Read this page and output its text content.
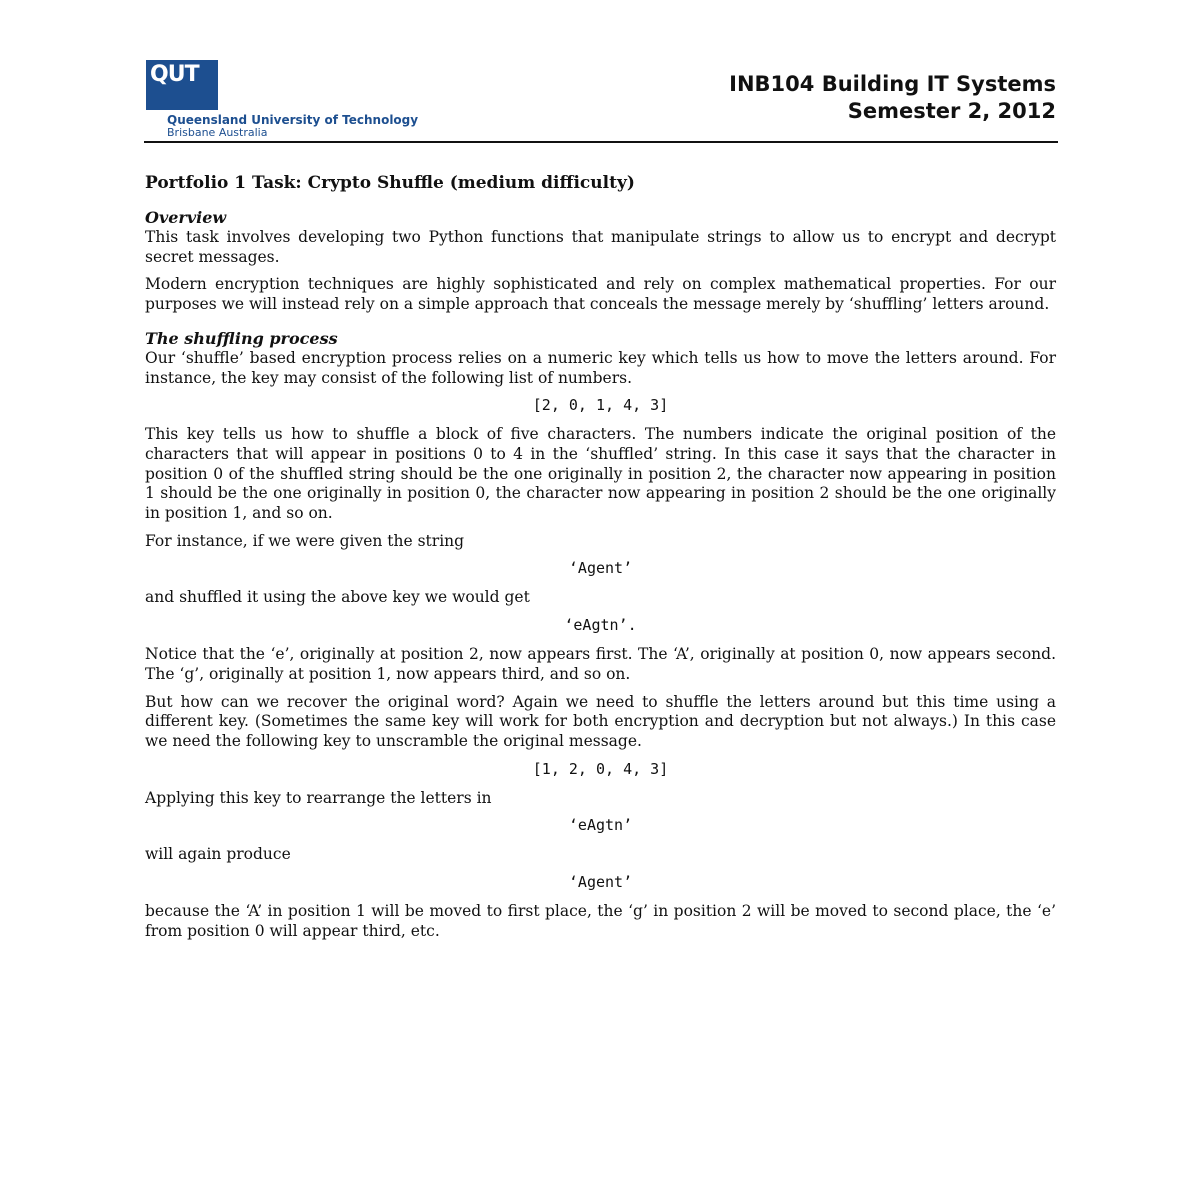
QUT
Queensland University of Technology
Brisbane Australia
INB104 Building IT Systems
Semester 2, 2012
Portfolio 1 Task: Crypto Shuffle (medium difficulty)
Overview

This task involves developing two Python functions that manipulate strings to allow us to encrypt and decrypt secret messages.

Modern encryption techniques are highly sophisticated and rely on complex mathematical properties. For our purposes we will instead rely on a simple approach that conceals the message merely by ‘shuffling’ letters around.

The shuffling process

Our ‘shuffle’ based encryption process relies on a numeric key which tells us how to move the letters around. For instance, the key may consist of the following list of numbers.

[2, 0, 1, 4, 3]

This key tells us how to shuffle a block of five characters. The numbers indicate the original position of the characters that will appear in positions 0 to 4 in the ‘shuffled’ string. In this case it says that the character in position 0 of the shuffled string should be the one originally in position 2, the character now appearing in position 1 should be the one originally in position 0, the character now appearing in position 2 should be the one originally in position 1, and so on.

For instance, if we were given the string

‘Agent’

and shuffled it using the above key we would get

‘eAgtn’.

Notice that the ‘e’, originally at position 2, now appears first. The ‘A’, originally at position 0, now appears second. The ‘g’, originally at position 1, now appears third, and so on.

But how can we recover the original word? Again we need to shuffle the letters around but this time using a different key. (Sometimes the same key will work for both encryption and decryption but not always.) In this case we need the following key to unscramble the original message.

[1, 2, 0, 4, 3]

Applying this key to rearrange the letters in

‘eAgtn’

will again produce

‘Agent’

because the ‘A’ in position 1 will be moved to first place, the ‘g’ in position 2 will be moved to second place, the ‘e’ from position 0 will appear third, etc.
